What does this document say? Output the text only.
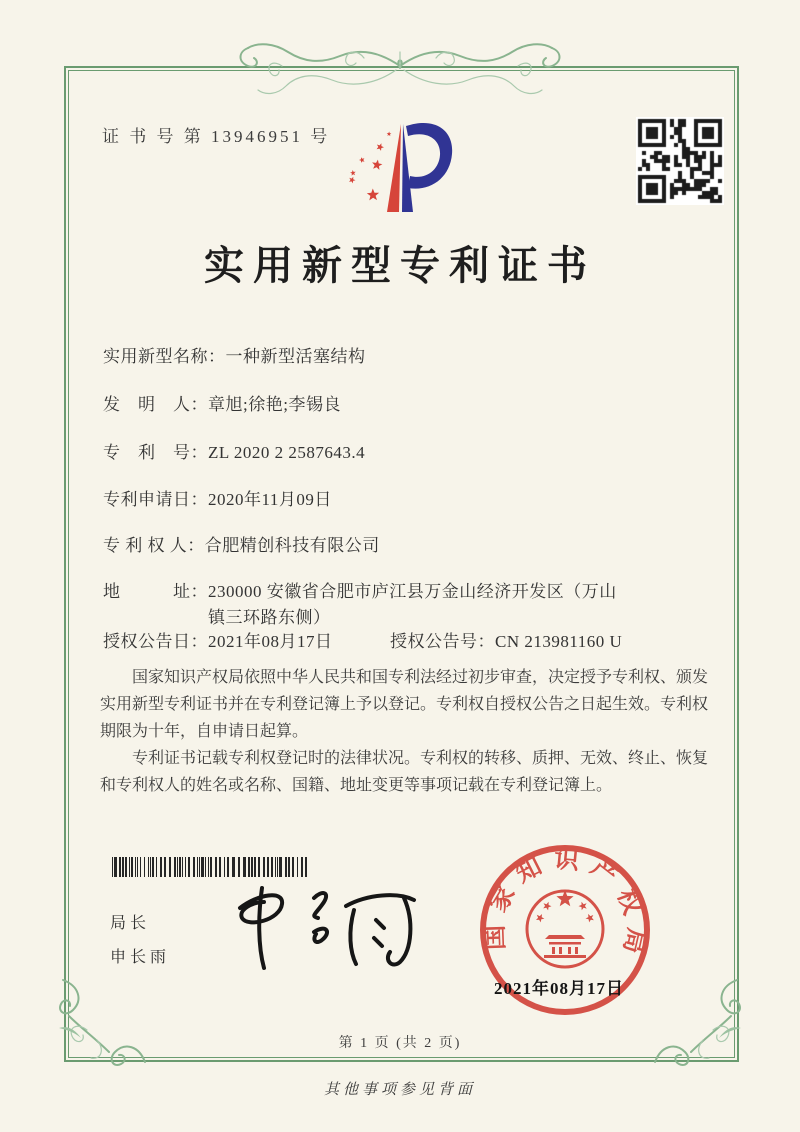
证 书 号 第 13946951 号
实用新型专利证书
实用新型名称： 一种新型活塞结构
发　明　人： 章旭;徐艳;李锡良
专　利　号： ZL 2020 2 2587643.4
专利申请日： 2020年11月09日
专 利 权 人： 合肥精创科技有限公司
地　　　址： 230000 安徽省合肥市庐江县万金山经济开发区（万山镇三环路东侧）
授权公告日： 2021年08月17日	授权公告号： CN 213981160 U

国家知识产权局依照中华人民共和国专利法经过初步审查，决定授予专利权、颁发实用新型专利证书并在专利登记簿上予以登记。专利权自授权公告之日起生效。专利权期限为十年，自申请日起算。

专利证书记载专利权登记时的法律状况。专利权的转移、质押、无效、终止、恢复和专利权人的姓名或名称、国籍、地址变更等事项记载在专利登记簿上。

局长
申长雨
国家知识产权局
2021年08月17日
第 1 页 (共 2 页)
其他事项参见背面
